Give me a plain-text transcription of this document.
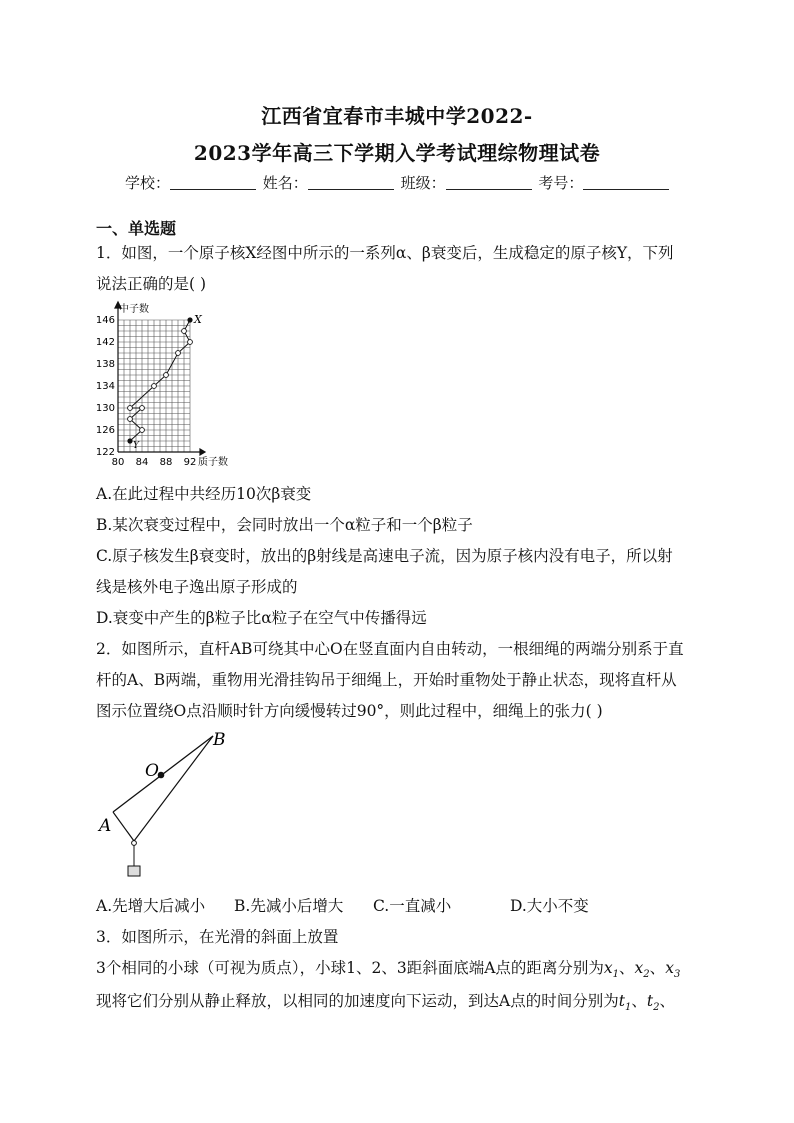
江西省宜春市丰城中学2022-
2023学年高三下学期入学考试理综物理试卷
学校：	姓名：	班级：	考号：
一、单选题
1．如图，一个原子核X经图中所示的一系列α、β衰变后，生成稳定的原子核Y，下列
说法正确的是( )
中子数
质子数
146
142
138
134
130
126
122
80 84 88 92
X
Y
A.在此过程中共经历10次β衰变
B.某次衰变过程中，会同时放出一个α粒子和一个β粒子
C.原子核发生β衰变时，放出的β射线是高速电子流，因为原子核内没有电子，所以射
线是核外电子逸出原子形成的
D.衰变中产生的β粒子比α粒子在空气中传播得远
2．如图所示，直杆AB可绕其中心O在竖直面内自由转动，一根细绳的两端分别系于直
杆的A、B两端，重物用光滑挂钩吊于细绳上，开始时重物处于静止状态，现将直杆从
图示位置绕O点沿顺时针方向缓慢转过90°，则此过程中，细绳上的张力( )
O
B
A
A.先增大后减小 B.先减小后增大 C.一直减小	D.大小不变
3．如图所示，在光滑的斜面上放置
3个相同的小球（可视为质点），小球1、2、3距斜面底端A点的距离分别为$x_1$、$x_2$、$x_3$
现将它们分别从静止释放，以相同的加速度向下运动，到达A点的时间分别为$t_1$、$t_2$、
